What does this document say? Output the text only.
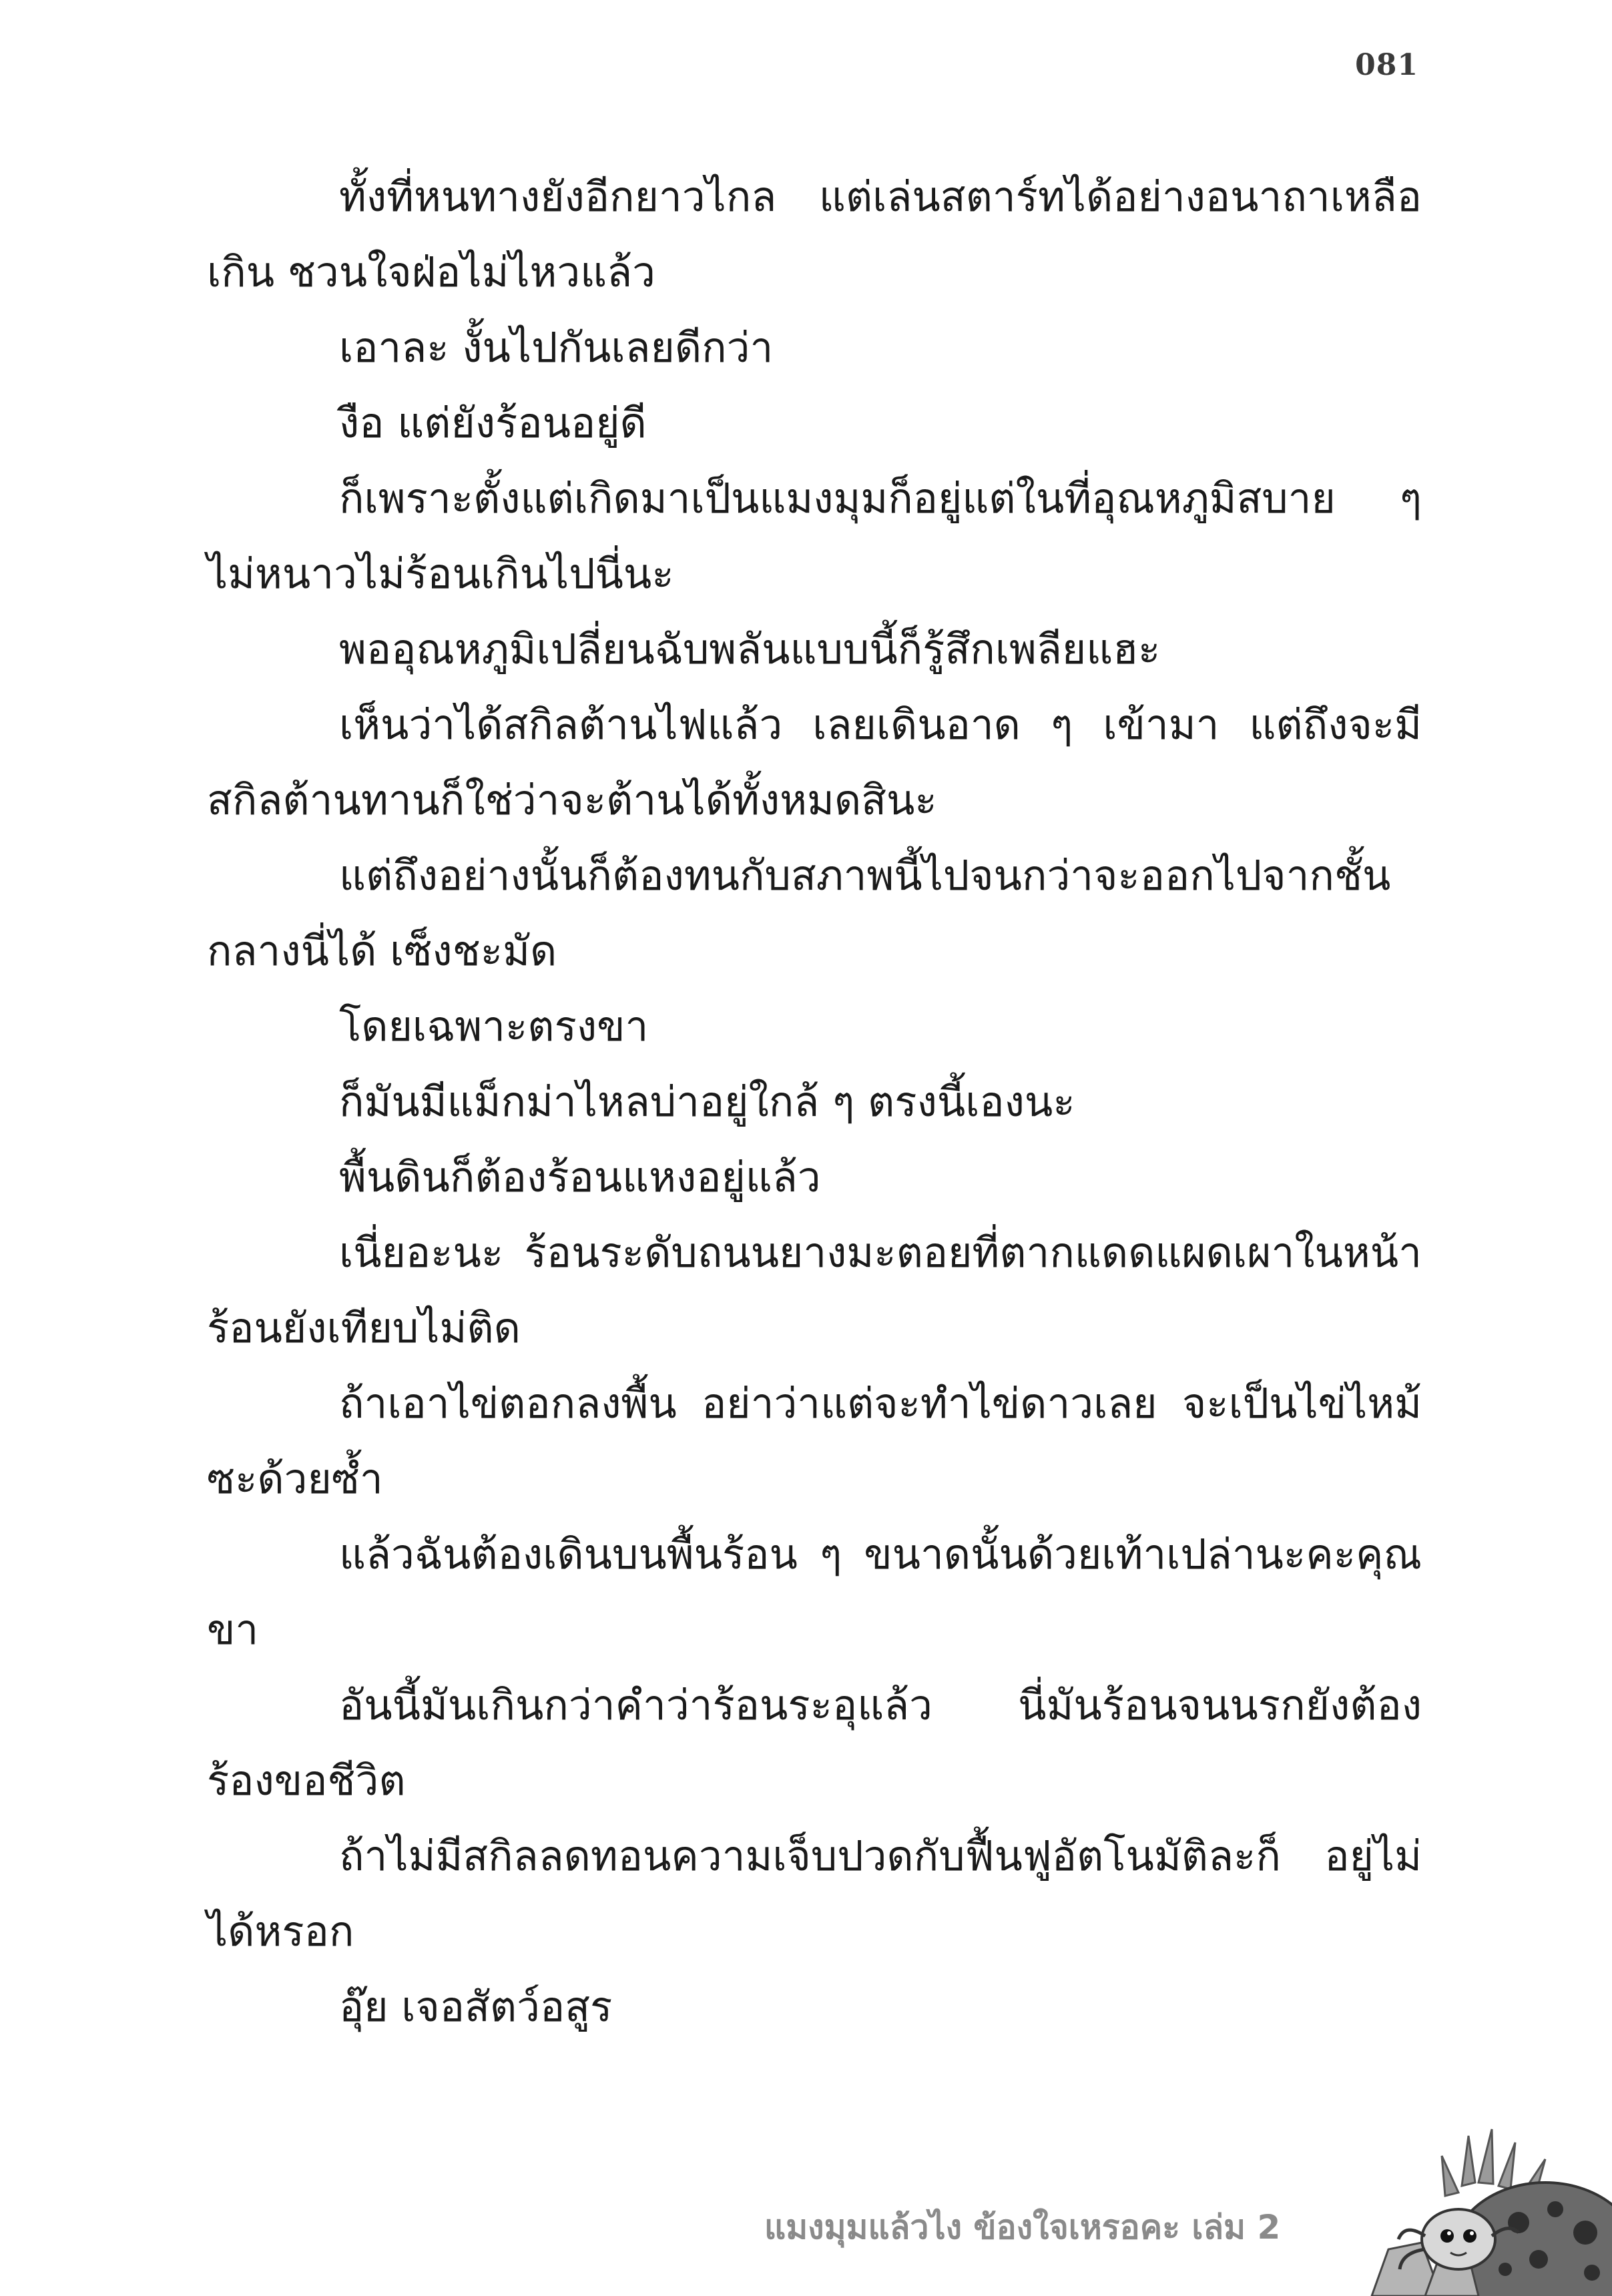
081

ทั้งที่หนทางยังอีกยาวไกล แต่เล่นสตาร์ทได้อย่างอนาถาเหลือเกิน ชวนใจฝ่อไม่ไหวแล้ว

เอาละ งั้นไปกันเลยดีกว่า

งือ แต่ยังร้อนอยู่ดี

ก็เพราะตั้งแต่เกิดมาเป็นแมงมุมก็อยู่แต่ในที่อุณหภูมิสบาย ๆ ไม่หนาวไม่ร้อนเกินไปนี่นะ

พออุณหภูมิเปลี่ยนฉับพลันแบบนี้ก็รู้สึกเพลียแฮะ

เห็นว่าได้สกิลต้านไฟแล้ว เลยเดินอาด ๆ เข้ามา แต่ถึงจะมีสกิลต้านทานก็ใช่ว่าจะต้านได้ทั้งหมดสินะ

แต่ถึงอย่างนั้นก็ต้องทนกับสภาพนี้ไปจนกว่าจะออกไปจากชั้นกลางนี่ได้ เซ็งชะมัด

โดยเฉพาะตรงขา

ก็มันมีแม็กม่าไหลบ่าอยู่ใกล้ ๆ ตรงนี้เองนะ

พื้นดินก็ต้องร้อนแหงอยู่แล้ว

เนี่ยอะนะ ร้อนระดับถนนยางมะตอยที่ตากแดดแผดเผาในหน้าร้อนยังเทียบไม่ติด

ถ้าเอาไข่ตอกลงพื้น อย่าว่าแต่จะทำไข่ดาวเลย จะเป็นไข่ไหม้ซะด้วยซ้ำ

แล้วฉันต้องเดินบนพื้นร้อน ๆ ขนาดนั้นด้วยเท้าเปล่านะคะคุณขา

อันนี้มันเกินกว่าคำว่าร้อนระอุแล้ว นี่มันร้อนจนนรกยังต้องร้องขอชีวิต

ถ้าไม่มีสกิลลดทอนความเจ็บปวดกับฟื้นฟูอัตโนมัติละก็ อยู่ไม่ได้หรอก

อุ๊ย เจอสัตว์อสูร

แมงมุมแล้วไง ข้องใจเหรอคะ เล่ม 2
